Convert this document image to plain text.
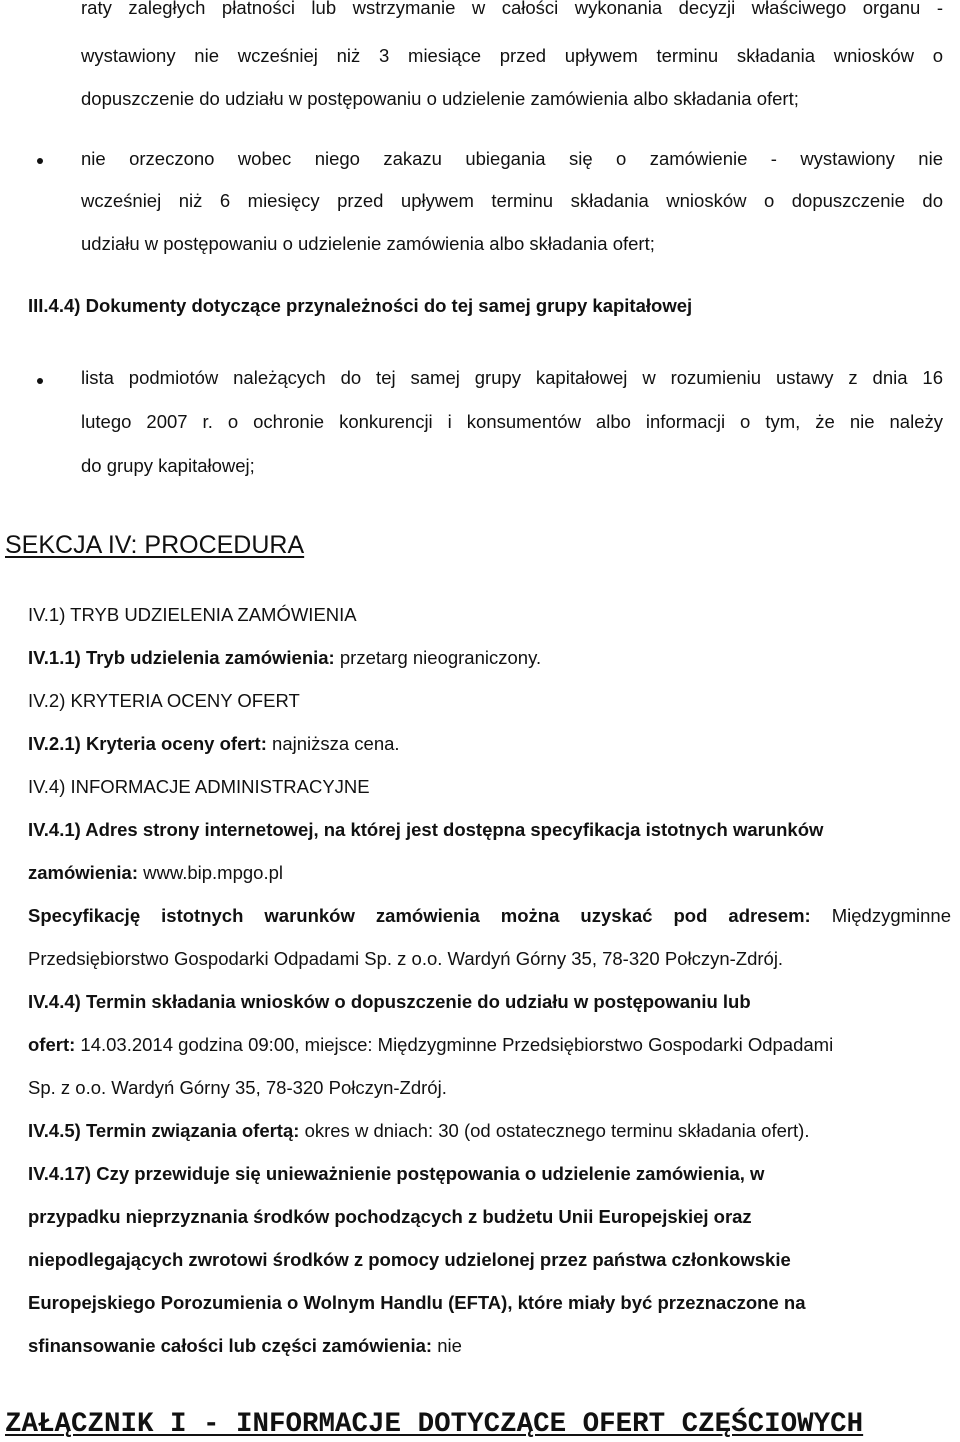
raty zaległych płatności lub wstrzymanie w całości wykonania decyzji właściwego organu -
wystawiony nie wcześniej niż 3 miesiące przed upływem terminu składania wniosków o
dopuszczenie do udziału w postępowaniu o udzielenie zamówienia albo składania ofert;
nie orzeczono wobec niego zakazu ubiegania się o zamówienie - wystawiony nie
wcześniej niż 6 miesięcy przed upływem terminu składania wniosków o dopuszczenie do
udziału w postępowaniu o udzielenie zamówienia albo składania ofert;
III.4.4) Dokumenty dotyczące przynależności do tej samej grupy kapitałowej
lista podmiotów należących do tej samej grupy kapitałowej w rozumieniu ustawy z dnia 16
lutego 2007 r. o ochronie konkurencji i konsumentów albo informacji o tym, że nie należy
do grupy kapitałowej;
SEKCJA IV: PROCEDURA
IV.1) TRYB UDZIELENIA ZAMÓWIENIA
IV.1.1) Tryb udzielenia zamówienia: przetarg nieograniczony.
IV.2) KRYTERIA OCENY OFERT
IV.2.1) Kryteria oceny ofert: najniższa cena.
IV.4) INFORMACJE ADMINISTRACYJNE
IV.4.1) Adres strony internetowej, na której jest dostępna specyfikacja istotnych warunków
zamówienia: www.bip.mpgo.pl
Specyfikację istotnych warunków zamówienia można uzyskać pod adresem: Międzygminne
Przedsiębiorstwo Gospodarki Odpadami Sp. z o.o. Wardyń Górny 35, 78-320 Połczyn-Zdrój.
IV.4.4) Termin składania wniosków o dopuszczenie do udziału w postępowaniu lub
ofert: 14.03.2014 godzina 09:00, miejsce: Międzygminne Przedsiębiorstwo Gospodarki Odpadami
Sp. z o.o. Wardyń Górny 35, 78-320 Połczyn-Zdrój.
IV.4.5) Termin związania ofertą: okres w dniach: 30 (od ostatecznego terminu składania ofert).
IV.4.17) Czy przewiduje się unieważnienie postępowania o udzielenie zamówienia, w
przypadku nieprzyznania środków pochodzących z budżetu Unii Europejskiej oraz
niepodlegających zwrotowi środków z pomocy udzielonej przez państwa członkowskie
Europejskiego Porozumienia o Wolnym Handlu (EFTA), które miały być przeznaczone na
sfinansowanie całości lub części zamówienia: nie
ZAŁĄCZNIK I - INFORMACJE DOTYCZĄCE OFERT CZĘŚCIOWYCH
